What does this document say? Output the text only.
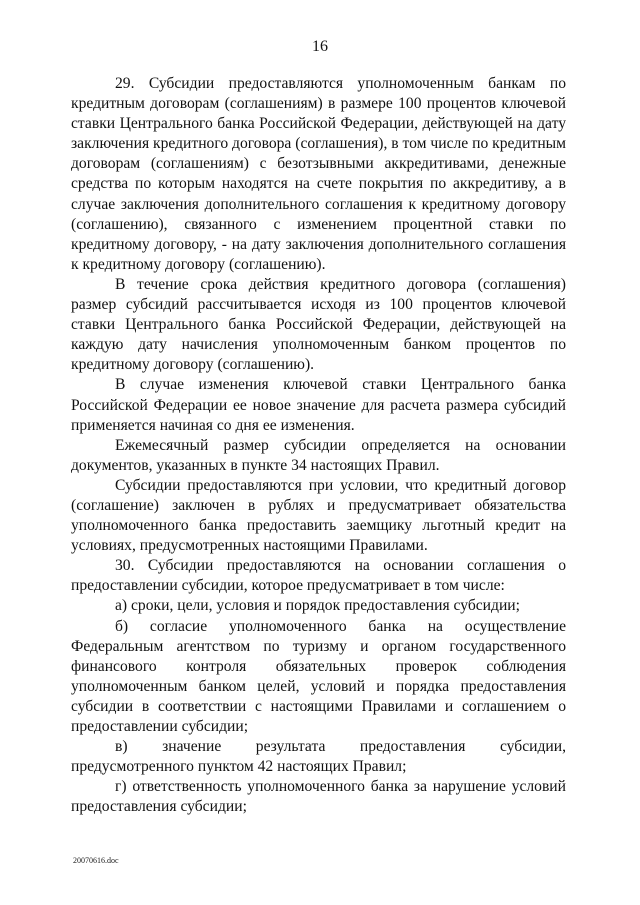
16

29. Субсидии предоставляются уполномоченным банкам по кредитным договорам (соглашениям) в размере 100 процентов ключевой ставки Центрального банка Российской Федерации, действующей на дату заключения кредитного договора (соглашения), в том числе по кредитным договорам (соглашениям) с безотзывными аккредитивами, денежные средства по которым находятся на счете покрытия по аккредитиву, а в случае заключения дополнительного соглашения к кредитному договору (соглашению), связанного с изменением процентной ставки по кредитному договору, - на дату заключения дополнительного соглашения к кредитному договору (соглашению).

В течение срока действия кредитного договора (соглашения) размер субсидий рассчитывается исходя из 100 процентов ключевой ставки Центрального банка Российской Федерации, действующей на каждую дату начисления уполномоченным банком процентов по кредитному договору (соглашению).

В случае изменения ключевой ставки Центрального банка Российской Федерации ее новое значение для расчета размера субсидий применяется начиная со дня ее изменения.

Ежемесячный размер субсидии определяется на основании документов, указанных в пункте 34 настоящих Правил.

Субсидии предоставляются при условии, что кредитный договор (соглашение) заключен в рублях и предусматривает обязательства уполномоченного банка предоставить заемщику льготный кредит на условиях, предусмотренных настоящими Правилами.

30. Субсидии предоставляются на основании соглашения о предоставлении субсидии, которое предусматривает в том числе:

а) сроки, цели, условия и порядок предоставления субсидии;

б) согласие уполномоченного банка на осуществление Федеральным агентством по туризму и органом государственного финансового контроля обязательных проверок соблюдения уполномоченным банком целей, условий и порядка предоставления субсидии в соответствии с настоящими Правилами и соглашением о предоставлении субсидии;

в) значение результата предоставления субсидии, предусмотренного пунктом 42 настоящих Правил;

г) ответственность уполномоченного банка за нарушение условий предоставления субсидии;

20070616.doc
